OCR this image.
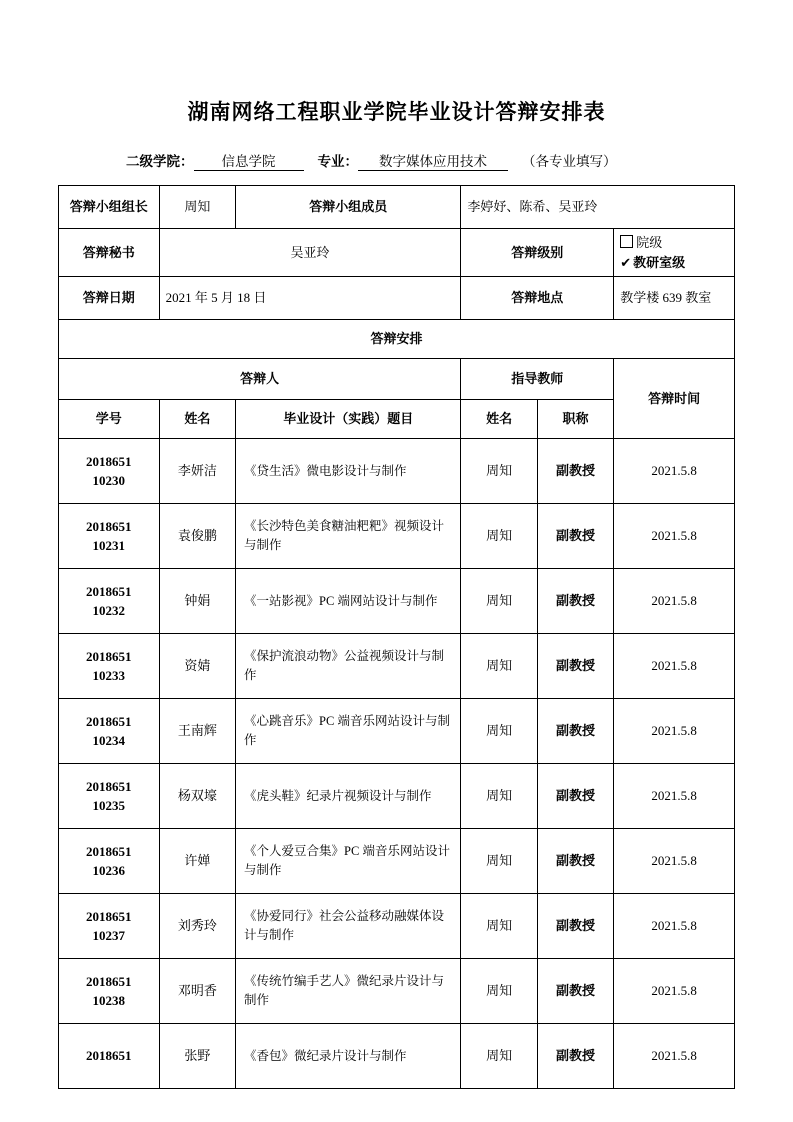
湖南网络工程职业学院毕业设计答辩安排表
二级学院： 信息学院	专业： 数字媒体应用技术	（各专业填写）
答辩小组组长	周知	答辩小组成员	李婷妤、陈希、吴亚玲		
答辩秘书	吴亚玲		答辩级别		院级✔ 教研室级
答辩日期	2021 年 5 月 18 日		答辩地点		教学楼 639 教室
答辩安排					
答辩人			指导教师		答辩时间
学号	姓名	毕业设计（实践）题目	姓名	职称	
2018651
10230	李妍洁	《贷生活》微电影设计与制作	周知	副教授	2021.5.8
2018651
10231	袁俊鹏	《长沙特色美食糖油粑粑》视频设计与制作	周知	副教授	2021.5.8
2018651
10232	钟娟	《一站影视》PC 端网站设计与制作	周知	副教授	2021.5.8
2018651
10233	资婧	《保护流浪动物》公益视频设计与制作	周知	副教授	2021.5.8
2018651
10234	王南辉	《心跳音乐》PC 端音乐网站设计与制作	周知	副教授	2021.5.8
2018651
10235	杨双壕	《虎头鞋》纪录片视频设计与制作	周知	副教授	2021.5.8
2018651
10236	许婵	《个人爱豆合集》PC 端音乐网站设计与制作	周知	副教授	2021.5.8
2018651
10237	刘秀玲	《协爱同行》社会公益移动融媒体设计与制作	周知	副教授	2021.5.8
2018651
10238	邓明香	《传统竹编手艺人》微纪录片设计与制作	周知	副教授	2021.5.8
2018651	张野	《香包》微纪录片设计与制作	周知	副教授	2021.5.8
